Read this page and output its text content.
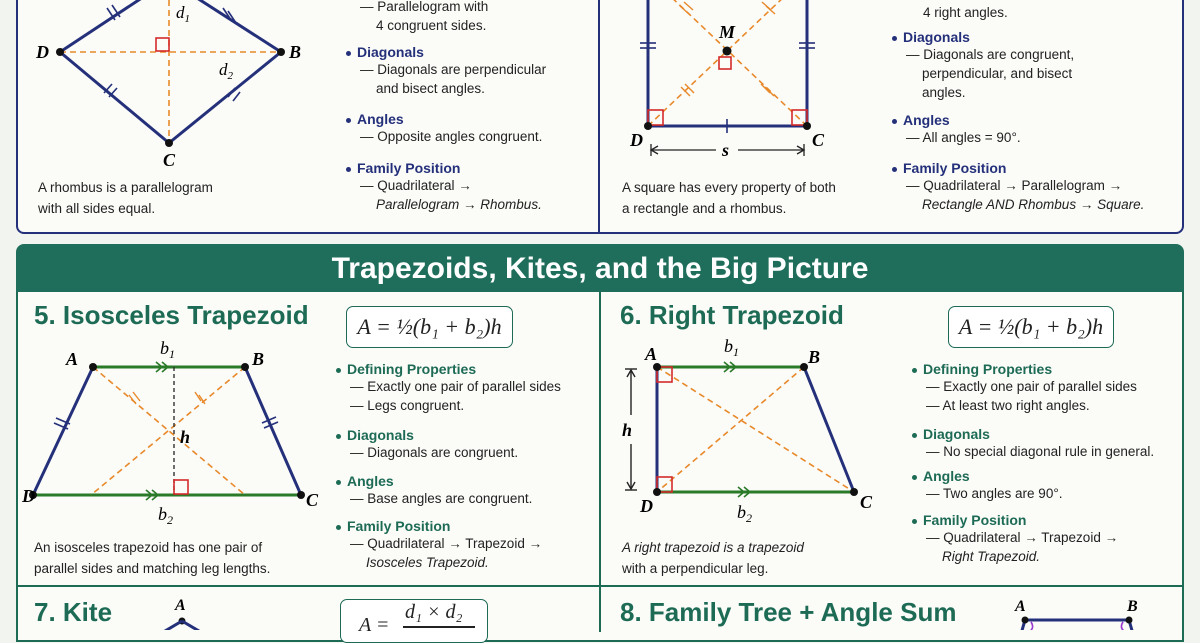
D	B
C
$d_1$
$d_2$
A rhombus is a parallelogram
with all sides equal.
— Parallelogram with
4 congruent sides.
Diagonals
— Diagonals are perpendicular
and bisect angles.
Angles
— Opposite angles congruent.
Family Position
— Quadrilateral →
Parallelogram → Rhombus.
M
D	C
s
A square has every property of both
a rectangle and a rhombus.
4 right angles.
Diagonals
— Diagonals are congruent,
perpendicular, and bisect
angles.
Angles
— All angles = 90°.
Family Position
— Quadrilateral → Parallelogram →
Rectangle AND Rhombus → Square.
Trapezoids, Kites, and the Big Picture
5. Isosceles Trapezoid	A = ½(b₁ + b₂)h
A	B
D	C
$b_1$
$b_2$
h
An isosceles trapezoid has one pair of
parallel sides and matching leg lengths.
Defining Properties
— Exactly one pair of parallel sides
— Legs congruent.
Diagonals
— Diagonals are congruent.
Angles
— Base angles are congruent.
Family Position
— Quadrilateral → Trapezoid →
Isosceles Trapezoid.
6. Right Trapezoid	A = ½(b₁ + b₂)h
A	B
D	C
$b_1$
$b_2$
h
A right trapezoid is a trapezoid
with a perpendicular leg.
Defining Properties
— Exactly one pair of parallel sides
— At least two right angles.
Diagonals
— No special diagonal rule in general.
Angles
— Two angles are 90°.
Family Position
— Quadrilateral → Trapezoid →
Right Trapezoid.
7. Kite	A
A =
d₁ × d₂	8. Family Tree + Angle Sum	A	B
